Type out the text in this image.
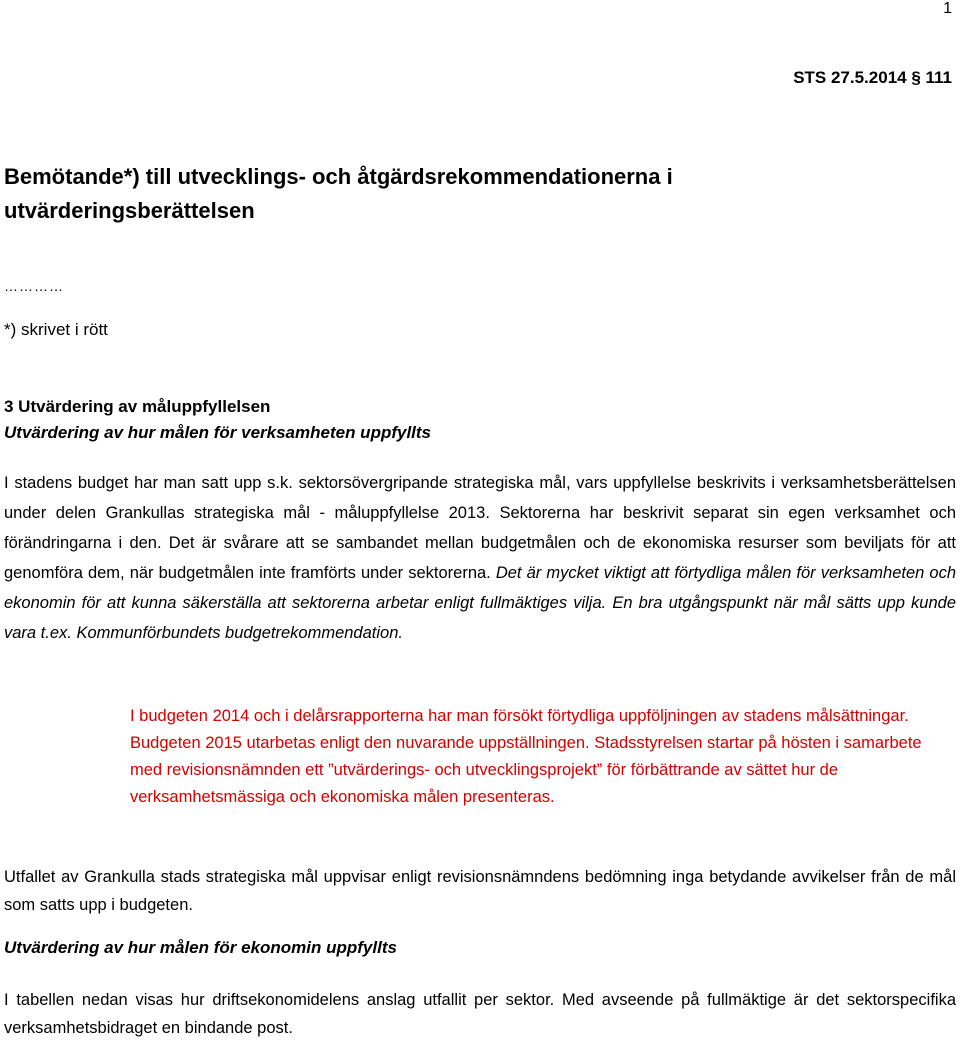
1
STS 27.5.2014 § 111
Bemötande*) till utvecklings- och åtgärdsrekommendationerna i utvärderingsberättelsen
…………
*) skrivet i rött
3 Utvärdering av måluppfyllelsen
Utvärdering av hur målen för verksamheten uppfyllts

I stadens budget har man satt upp s.k. sektorsövergripande strategiska mål, vars uppfyllelse beskrivits i verksamhetsberättelsen under delen Grankullas strategiska mål - måluppfyllelse 2013. Sektorerna har beskrivit separat sin egen verksamhet och förändringarna i den. Det är svårare att se sambandet mellan budgetmålen och de ekonomiska resurser som beviljats för att genomföra dem, när budgetmålen inte framförts under sektorerna. Det är mycket viktigt att förtydliga målen för verksamheten och ekonomin för att kunna säkerställa att sektorerna arbetar enligt fullmäktiges vilja. En bra utgångspunkt när mål sätts upp kunde vara t.ex. Kommunförbundets budgetrekommendation.

I budgeten 2014 och i delårsrapporterna har man försökt förtydliga uppföljningen av stadens målsättningar. Budgeten 2015 utarbetas enligt den nuvarande uppställningen. Stadsstyrelsen startar på hösten i samarbete med revisionsnämnden ett ”utvärderings- och utvecklingsprojekt” för förbättrande av sättet hur de verksamhetsmässiga och ekonomiska målen presenteras.

Utfallet av Grankulla stads strategiska mål uppvisar enligt revisionsnämndens bedömning inga betydande avvikelser från de mål som satts upp i budgeten.

Utvärdering av hur målen för ekonomin uppfyllts

I tabellen nedan visas hur driftsekonomidelens anslag utfallit per sektor. Med avseende på fullmäktige är det sektorspecifika verksamhetsbidraget en bindande post.
